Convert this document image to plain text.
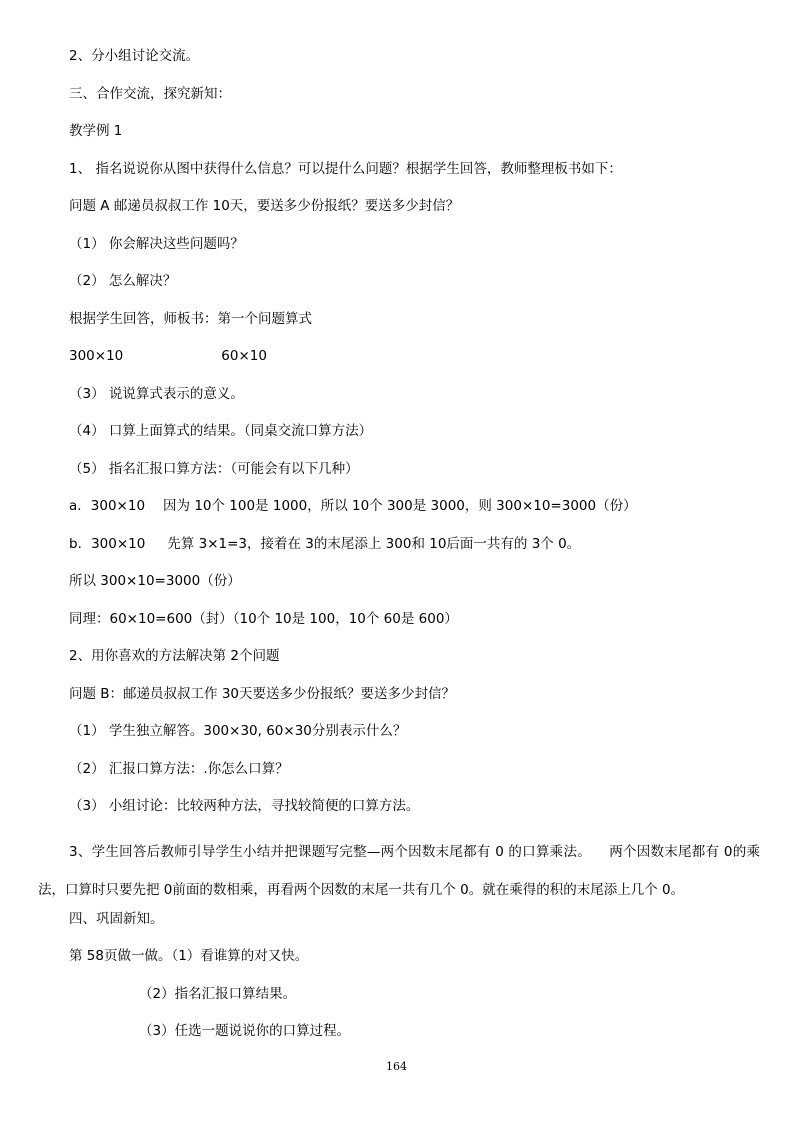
2、分小组讨论交流。

三、合作交流，探究新知：

教学例 1

1、 指名说说你从图中获得什么信息？可以提什么问题？根据学生回答，教师整理板书如下：

问题 A 邮递员叔叔工作 10天，要送多少份报纸？要送多少封信？

（1） 你会解决这些问题吗？

（2） 怎么解决？

根据学生回答，师板书：第一个问题算式

300×10	60×10

（3） 说说算式表示的意义。

（4） 口算上面算式的结果。（同桌交流口算方法）

（5） 指名汇报口算方法：（可能会有以下几种）

a．300×10 因为 10个 100是 1000，所以 10个 300是 3000，则 300×10=3000（份）

b．300×10 先算 3×1=3，接着在 3的末尾添上 300和 10后面一共有的 3个 0。

所以 300×10=3000（份）

同理：60×10=600（封）（10个 10是 100，10个 60是 600）

2、用你喜欢的方法解决第 2个问题

问题 B：邮递员叔叔工作 30天要送多少份报纸？要送多少封信？

（1） 学生独立解答。300×30, 60×30分别表示什么？

（2） 汇报口算方法：.你怎么口算？

（3） 小组讨论：比较两种方法，寻找较简便的口算方法。

3、学生回答后教师引导学生小结并把课题写完整—两个因数末尾都有 0 的口算乘法。 两个因数末尾都有 0的乘法，口算时只要先把 0前面的数相乘，再看两个因数的末尾一共有几个 0。就在乘得的积的末尾添上几个 0。

四、巩固新知。

第 58页做一做。（1）看谁算的对又快。

（2）指名汇报口算结果。

（3）任选一题说说你的口算过程。

164
